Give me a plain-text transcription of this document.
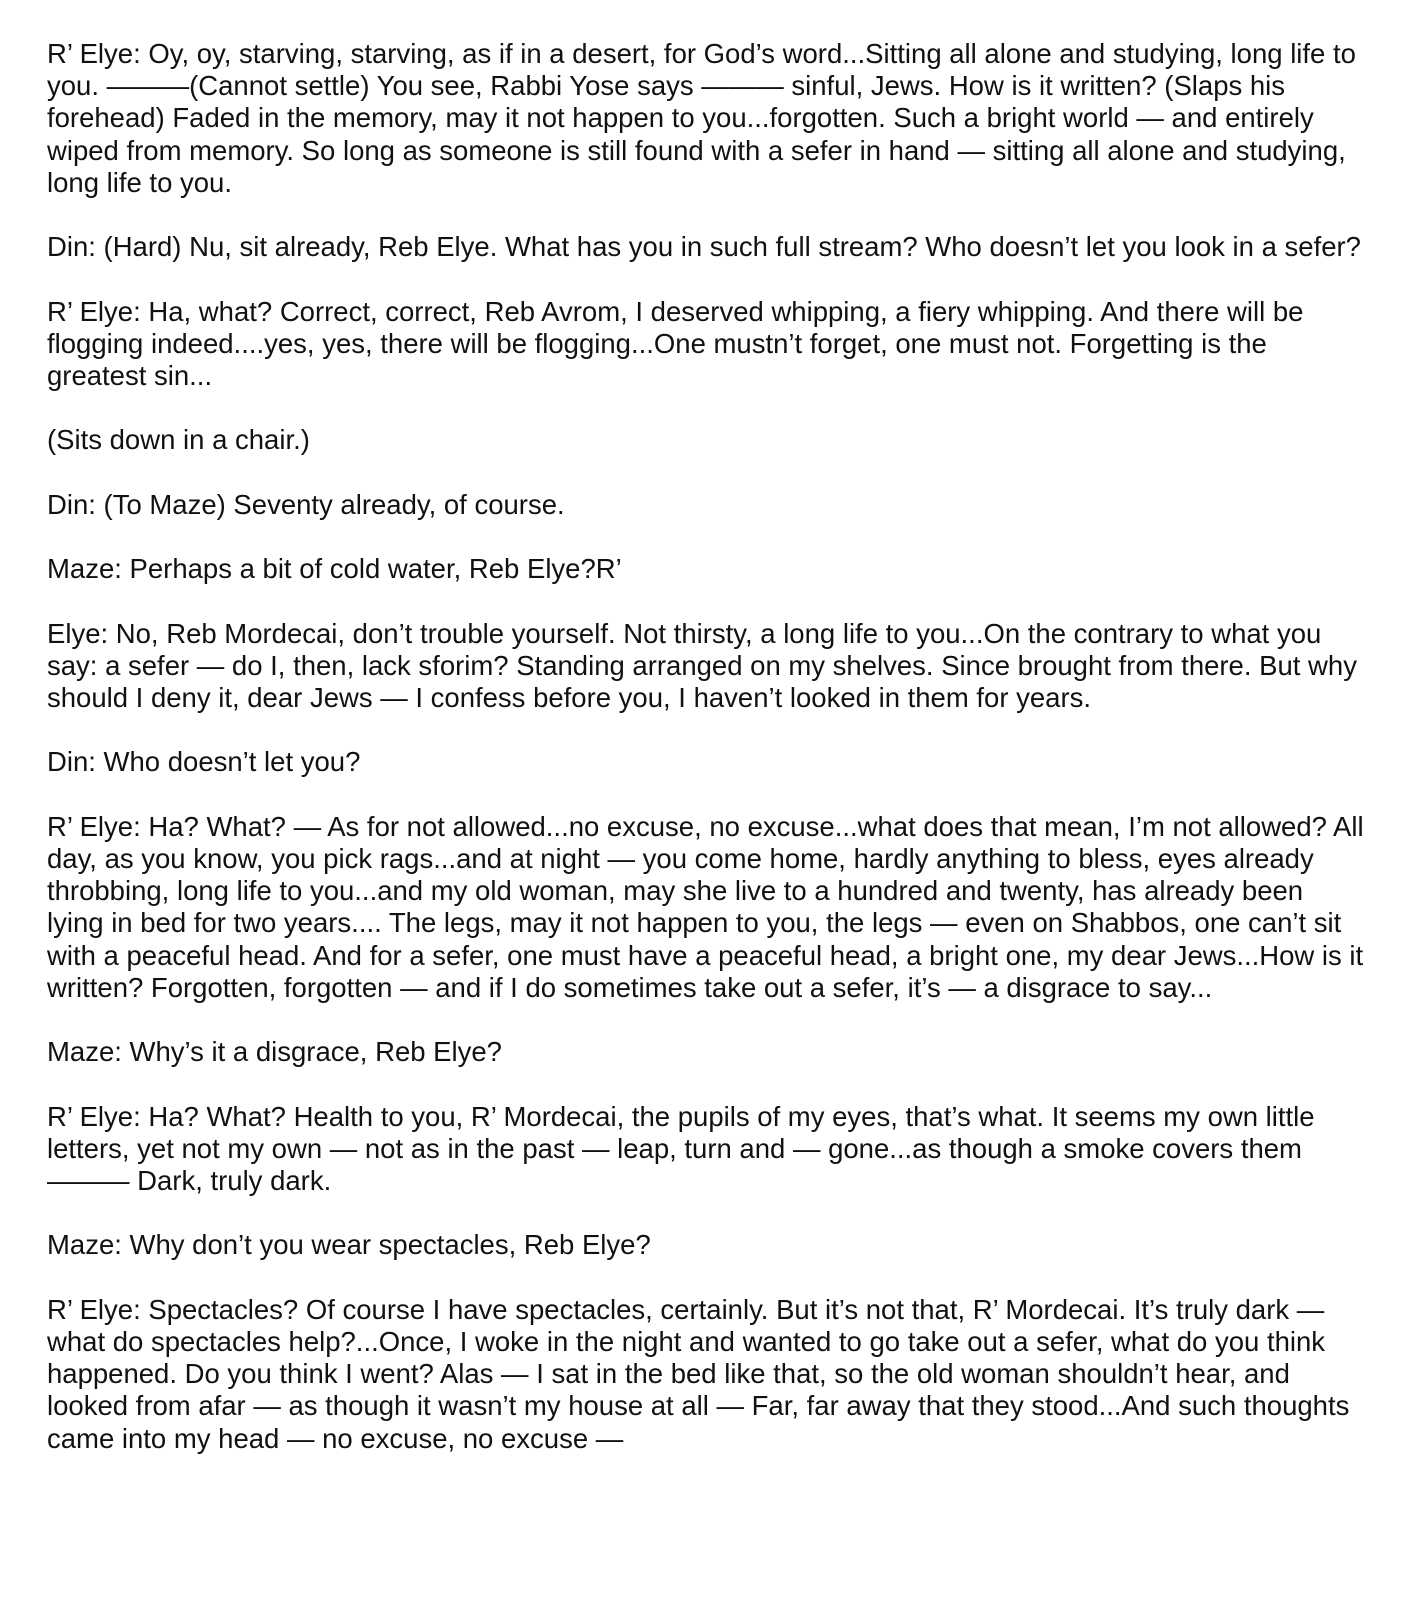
R’ Elye: Oy, oy, starving, starving, as if in a desert, for God’s word...Sitting all alone and studying, long life to you. ———(Cannot settle) You see, Rabbi Yose says ——— sinful, Jews. How is it written? (Slaps his forehead) Faded in the memory, may it not happen to you...forgotten. Such a bright world — and entirely wiped from memory. So long as someone is still found with a sefer in hand — sitting all alone and studying, long life to you.

Din: (Hard) Nu, sit already, Reb Elye. What has you in such full stream? Who doesn’t let you look in a sefer?

R’ Elye: Ha, what? Correct, correct, Reb Avrom, I deserved whipping, a fiery whipping. And there will be flogging indeed....yes, yes, there will be flogging...One mustn’t forget, one must not. Forgetting is the greatest sin...

(Sits down in a chair.)

Din: (To Maze) Seventy already, of course.

Maze: Perhaps a bit of cold water, Reb Elye?R’

Elye: No, Reb Mordecai, don’t trouble yourself. Not thirsty, a long life to you...On the contrary to what you say: a sefer — do I, then, lack sforim? Standing arranged on my shelves. Since brought from there. But why should I deny it, dear Jews — I confess before you, I haven’t looked in them for years.

Din: Who doesn’t let you?

R’ Elye: Ha? What? — As for not allowed...no excuse, no excuse...what does that mean, I’m not allowed? All day, as you know, you pick rags...and at night — you come home, hardly anything to bless, eyes already throbbing, long life to you...and my old woman, may she live to a hundred and twenty, has already been lying in bed for two years.... The legs, may it not happen to you, the legs — even on Shabbos, one can’t sit with a peaceful head. And for a sefer, one must have a peaceful head, a bright one, my dear Jews...How is it written? Forgotten, forgotten — and if I do sometimes take out a sefer, it’s — a disgrace to say...

Maze: Why’s it a disgrace, Reb Elye?

R’ Elye: Ha? What? Health to you, R’ Mordecai, the pupils of my eyes, that’s what. It seems my own little letters, yet not my own — not as in the past — leap, turn and — gone...as though a smoke covers them ——— Dark, truly dark.

Maze: Why don’t you wear spectacles, Reb Elye?

R’ Elye: Spectacles? Of course I have spectacles, certainly. But it’s not that, R’ Mordecai. It’s truly dark — what do spectacles help?...Once, I woke in the night and wanted to go take out a sefer, what do you think happened. Do you think I went? Alas — I sat in the bed like that, so the old woman shouldn’t hear, and looked from afar — as though it wasn’t my house at all — Far, far away that they stood...And such thoughts came into my head — no excuse, no excuse —
